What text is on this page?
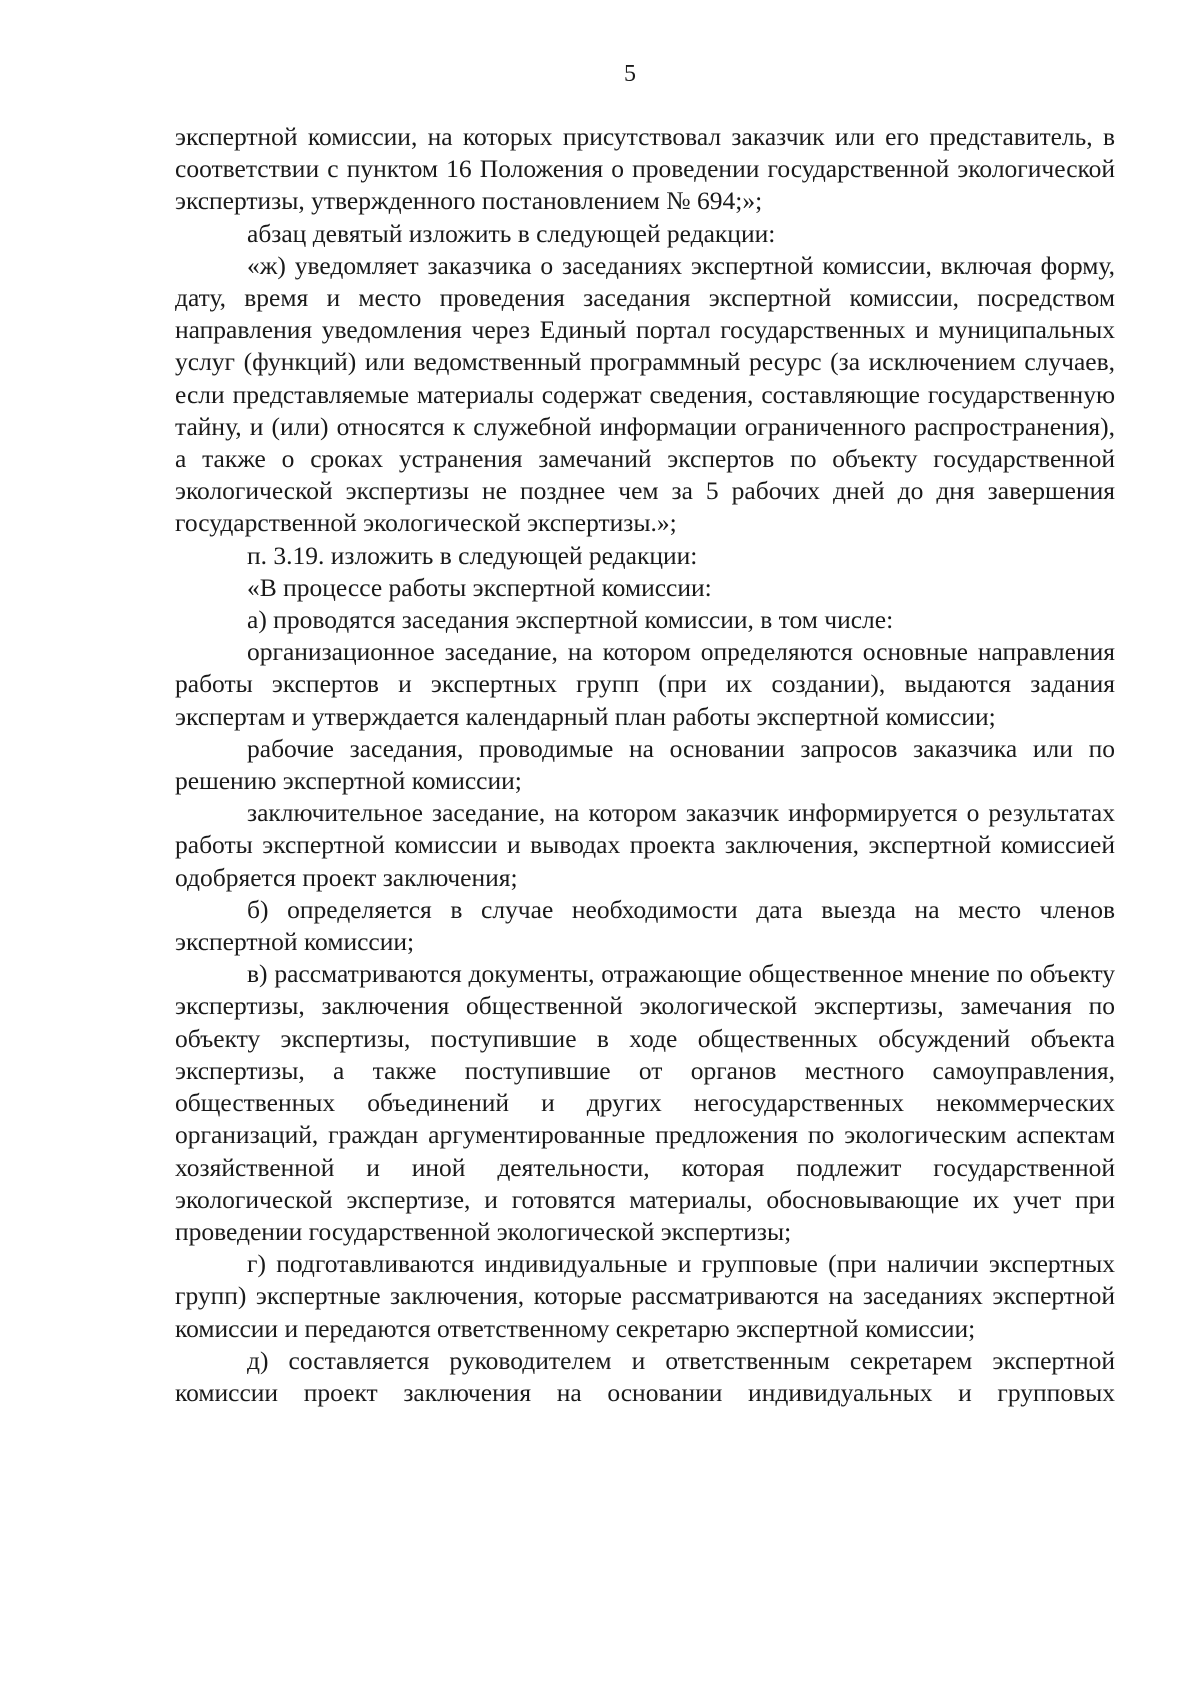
5

экспертной комиссии, на которых присутствовал заказчик или его представитель, в соответствии с пунктом 16 Положения о проведении государственной экологической экспертизы, утвержденного постановлением № 694;»;

абзац девятый изложить в следующей редакции:

«ж) уведомляет заказчика о заседаниях экспертной комиссии, включая форму, дату, время и место проведения заседания экспертной комиссии, посредством направления уведомления через Единый портал государственных и муниципальных услуг (функций) или ведомственный программный ресурс (за исключением случаев, если представляемые материалы содержат сведения, составляющие государственную тайну, и (или) относятся к служебной информации ограниченного распространения), а также о сроках устранения замечаний экспертов по объекту государственной экологической экспертизы не позднее чем за 5 рабочих дней до дня завершения государственной экологической экспертизы.»;

п. 3.19. изложить в следующей редакции:

«В процессе работы экспертной комиссии:

а) проводятся заседания экспертной комиссии, в том числе:

организационное заседание, на котором определяются основные направления работы экспертов и экспертных групп (при их создании), выдаются задания экспертам и утверждается календарный план работы экспертной комиссии;

рабочие заседания, проводимые на основании запросов заказчика или по решению экспертной комиссии;

заключительное заседание, на котором заказчик информируется о результатах работы экспертной комиссии и выводах проекта заключения, экспертной комиссией одобряется проект заключения;

б) определяется в случае необходимости дата выезда на место членов экспертной комиссии;

в) рассматриваются документы, отражающие общественное мнение по объекту экспертизы, заключения общественной экологической экспертизы, замечания по объекту экспертизы, поступившие в ходе общественных обсуждений объекта экспертизы, а также поступившие от органов местного самоуправления, общественных объединений и других негосударственных некоммерческих организаций, граждан аргументированные предложения по экологическим аспектам хозяйственной и иной деятельности, которая подлежит государственной экологической экспертизе, и готовятся материалы, обосновывающие их учет при проведении государственной экологической экспертизы;

г) подготавливаются индивидуальные и групповые (при наличии экспертных групп) экспертные заключения, которые рассматриваются на заседаниях экспертной комиссии и передаются ответственному секретарю экспертной комиссии;

д) составляется руководителем и ответственным секретарем экспертной комиссии проект заключения на основании индивидуальных и групповых
